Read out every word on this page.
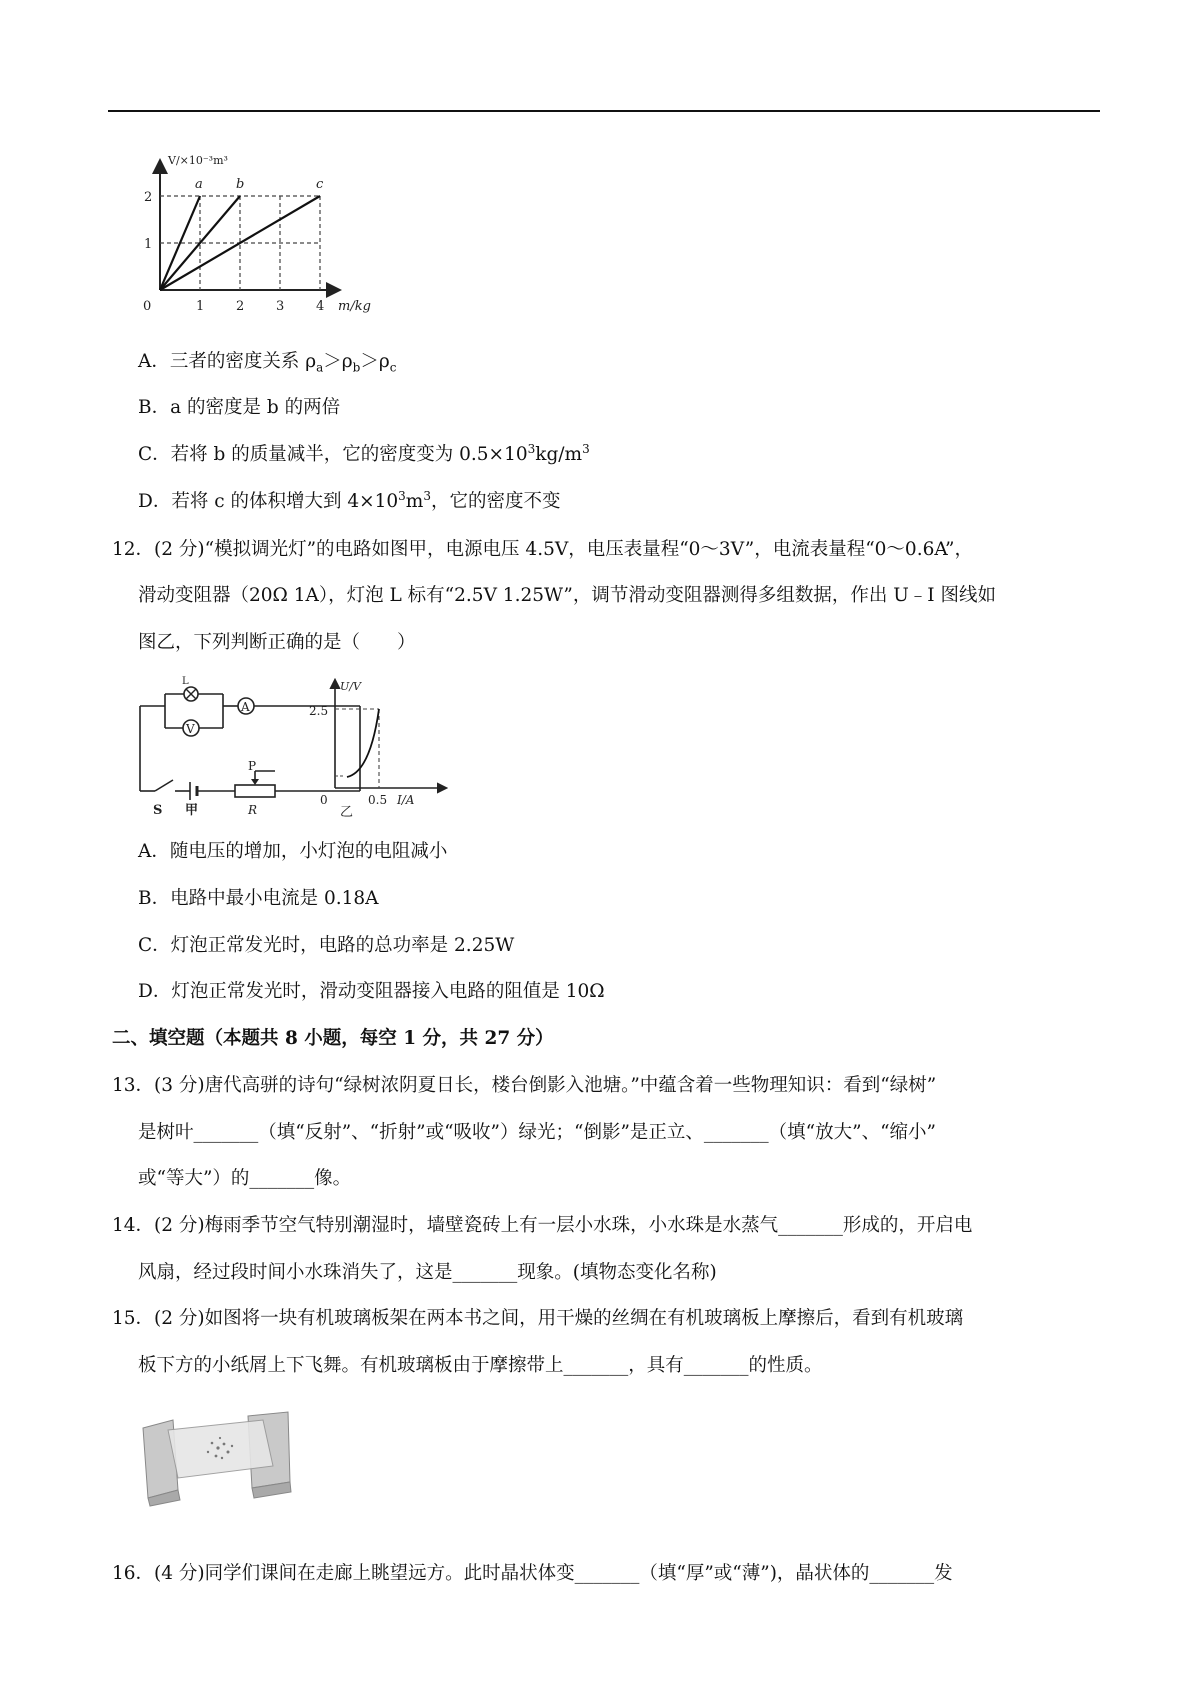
V/×10⁻³m³
a	b	c
2
1
0	1 2 3 4 m/kg
A．三者的密度关系 $\rho_a>\rho_b>\rho_c$
B．a 的密度是 b 的两倍
C．若将 b 的质量减半，它的密度变为 $0.5\times 10^3kg/m^3$
D．若将 c 的体积增大到 $4\times 10^3m^3$，它的密度不变
12．(2 分)“模拟调光灯”的电路如图甲，电源电压 4.5V，电压表量程“0～3V”，电流表量程“0～0.6A”，
滑动变阻器（20Ω 1A），灯泡 L 标有“2.5V 1.25W”，调节滑动变阻器测得多组数据，作出 U﹣I 图线如
图乙，下列判断正确的是（　　）
V
A
L
P
S 甲	R
U/V
2.5
0	0.5 I/A
乙
A．随电压的增加，小灯泡的电阻减小
B．电路中最小电流是 0.18A
C．灯泡正常发光时，电路的总功率是 2.25W
D．灯泡正常发光时，滑动变阻器接入电路的阻值是 10Ω
二、填空题（本题共 8 小题，每空 1 分，共 27 分）
13．(3 分)唐代高骈的诗句“绿树浓阴夏日长，楼台倒影入池塘。”中蕴含着一些物理知识：看到“绿树”
是树叶_______（填“反射”、“折射”或“吸收”）绿光；“倒影”是正立、_______（填“放大”、“缩小”
或“等大”）的_______像。
14．(2 分)梅雨季节空气特别潮湿时，墙壁瓷砖上有一层小水珠，小水珠是水蒸气_______形成的，开启电
风扇，经过段时间小水珠消失了，这是_______现象。(填物态变化名称)
15．(2 分)如图将一块有机玻璃板架在两本书之间，用干燥的丝绸在有机玻璃板上摩擦后，看到有机玻璃
板下方的小纸屑上下飞舞。有机玻璃板由于摩擦带上_______，具有_______的性质。
16．(4 分)同学们课间在走廊上眺望远方。此时晶状体变_______（填“厚”或“薄”)，晶状体的_______发
